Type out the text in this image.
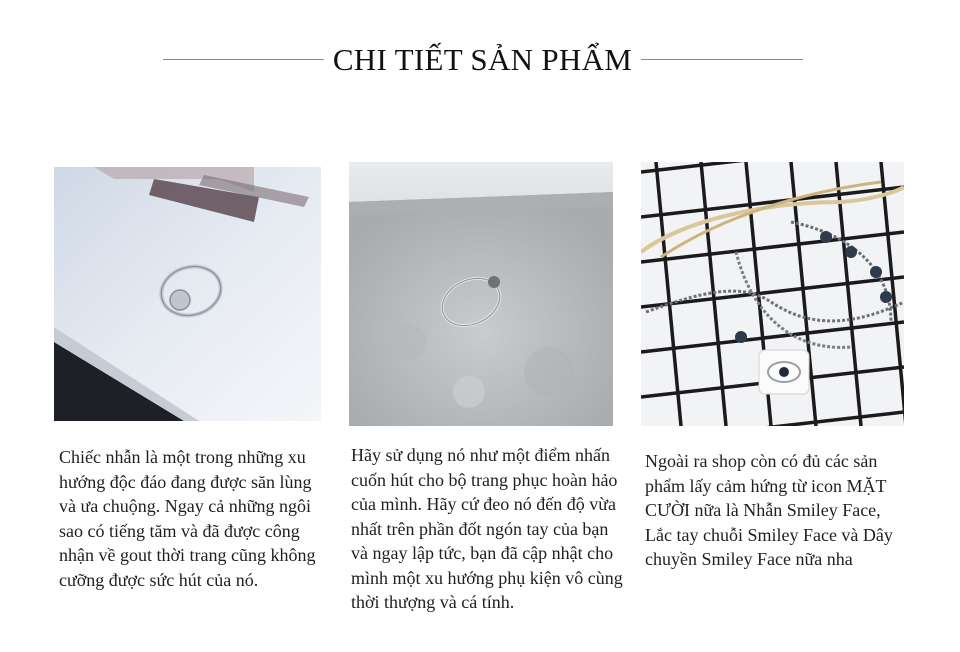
CHI TIẾT SẢN PHẨM

Chiếc nhẫn là một trong những xu hướng độc đáo đang được săn lùng và ưa chuộng. Ngay cả những ngôi sao có tiếng tăm và đã được công nhận về gout thời trang cũng không cưỡng được sức hút của nó.

Hãy sử dụng nó như một điểm nhấn cuốn hút cho bộ trang phục hoàn hảo của mình. Hãy cứ đeo nó đến độ vừa nhất trên phần đốt ngón tay của bạn và ngay lập tức, bạn đã cập nhật cho mình một xu hướng phụ kiện vô cùng thời thượng và cá tính.

Ngoài ra shop còn có đủ các sản phẩm lấy cảm hứng từ icon MẶT CƯỜI nữa là Nhẫn Smiley Face, Lắc tay chuỗi Smiley Face và Dây chuyền Smiley Face nữa nha
